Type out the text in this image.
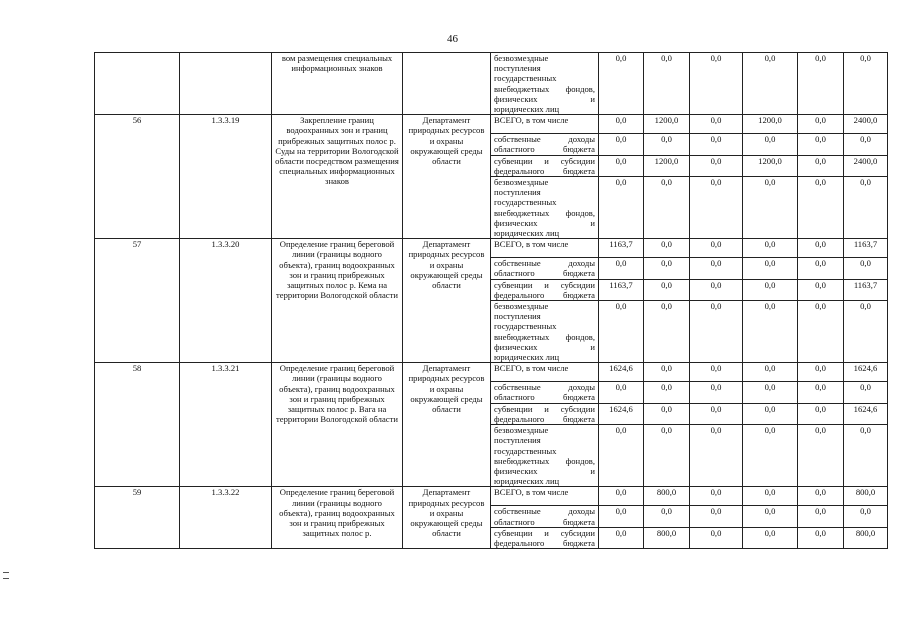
46
		вом размещения специальных информационных знаков		безвозмездные поступления государственных внебюджетных фондов, физических и юридических лиц	0,0	0,0	0,0	0,0	0,0	0,0
56	1.3.3.19	Закрепление границ водоохранных зон и границ прибрежных защитных полос р. Суды на территории Вологодской области посредством размещения специальных информационных знаков	Департамент природных ресурсов и охраны окружающей среды области	ВСЕГО, в том числе	0,0	1200,0	0,0	1200,0	0,0	2400,0
				собственные доходы областного бюджета	0,0	0,0	0,0	0,0	0,0	0,0
				субвенции и субсидии федерального бюджета	0,0	1200,0	0,0	1200,0	0,0	2400,0
				безвозмездные поступления государственных внебюджетных фондов, физических и юридических лиц	0,0	0,0	0,0	0,0	0,0	0,0
57	1.3.3.20	Определение границ береговой линии (границы водного объекта), границ водоохранных зон и границ прибрежных защитных полос р. Кема на территории Вологодской области	Департамент природных ресурсов и охраны окружающей среды области	ВСЕГО, в том числе	1163,7	0,0	0,0	0,0	0,0	1163,7
				собственные доходы областного бюджета	0,0	0,0	0,0	0,0	0,0	0,0
				субвенции и субсидии федерального бюджета	1163,7	0,0	0,0	0,0	0,0	1163,7
				безвозмездные поступления государственных внебюджетных фондов, физических и юридических лиц	0,0	0,0	0,0	0,0	0,0	0,0
58	1.3.3.21	Определение границ береговой линии (границы водного объекта), границ водоохранных зон и границ прибрежных защитных полос р. Вага на территории Вологодской области	Департамент природных ресурсов и охраны окружающей среды области	ВСЕГО, в том числе	1624,6	0,0	0,0	0,0	0,0	1624,6
				собственные доходы областного бюджета	0,0	0,0	0,0	0,0	0,0	0,0
				субвенции и субсидии федерального бюджета	1624,6	0,0	0,0	0,0	0,0	1624,6
				безвозмездные поступления государственных внебюджетных фондов, физических и юридических лиц	0,0	0,0	0,0	0,0	0,0	0,0
59	1.3.3.22	Определение границ береговой линии (границы водного объекта), границ водоохранных зон и границ прибрежных защитных полос р.	Департамент природных ресурсов и охраны окружающей среды области	ВСЕГО, в том числе	0,0	800,0	0,0	0,0	0,0	800,0
				собственные доходы областного бюджета	0,0	0,0	0,0	0,0	0,0	0,0
				субвенции и субсидии федерального бюджета	0,0	800,0	0,0	0,0	0,0	800,0
